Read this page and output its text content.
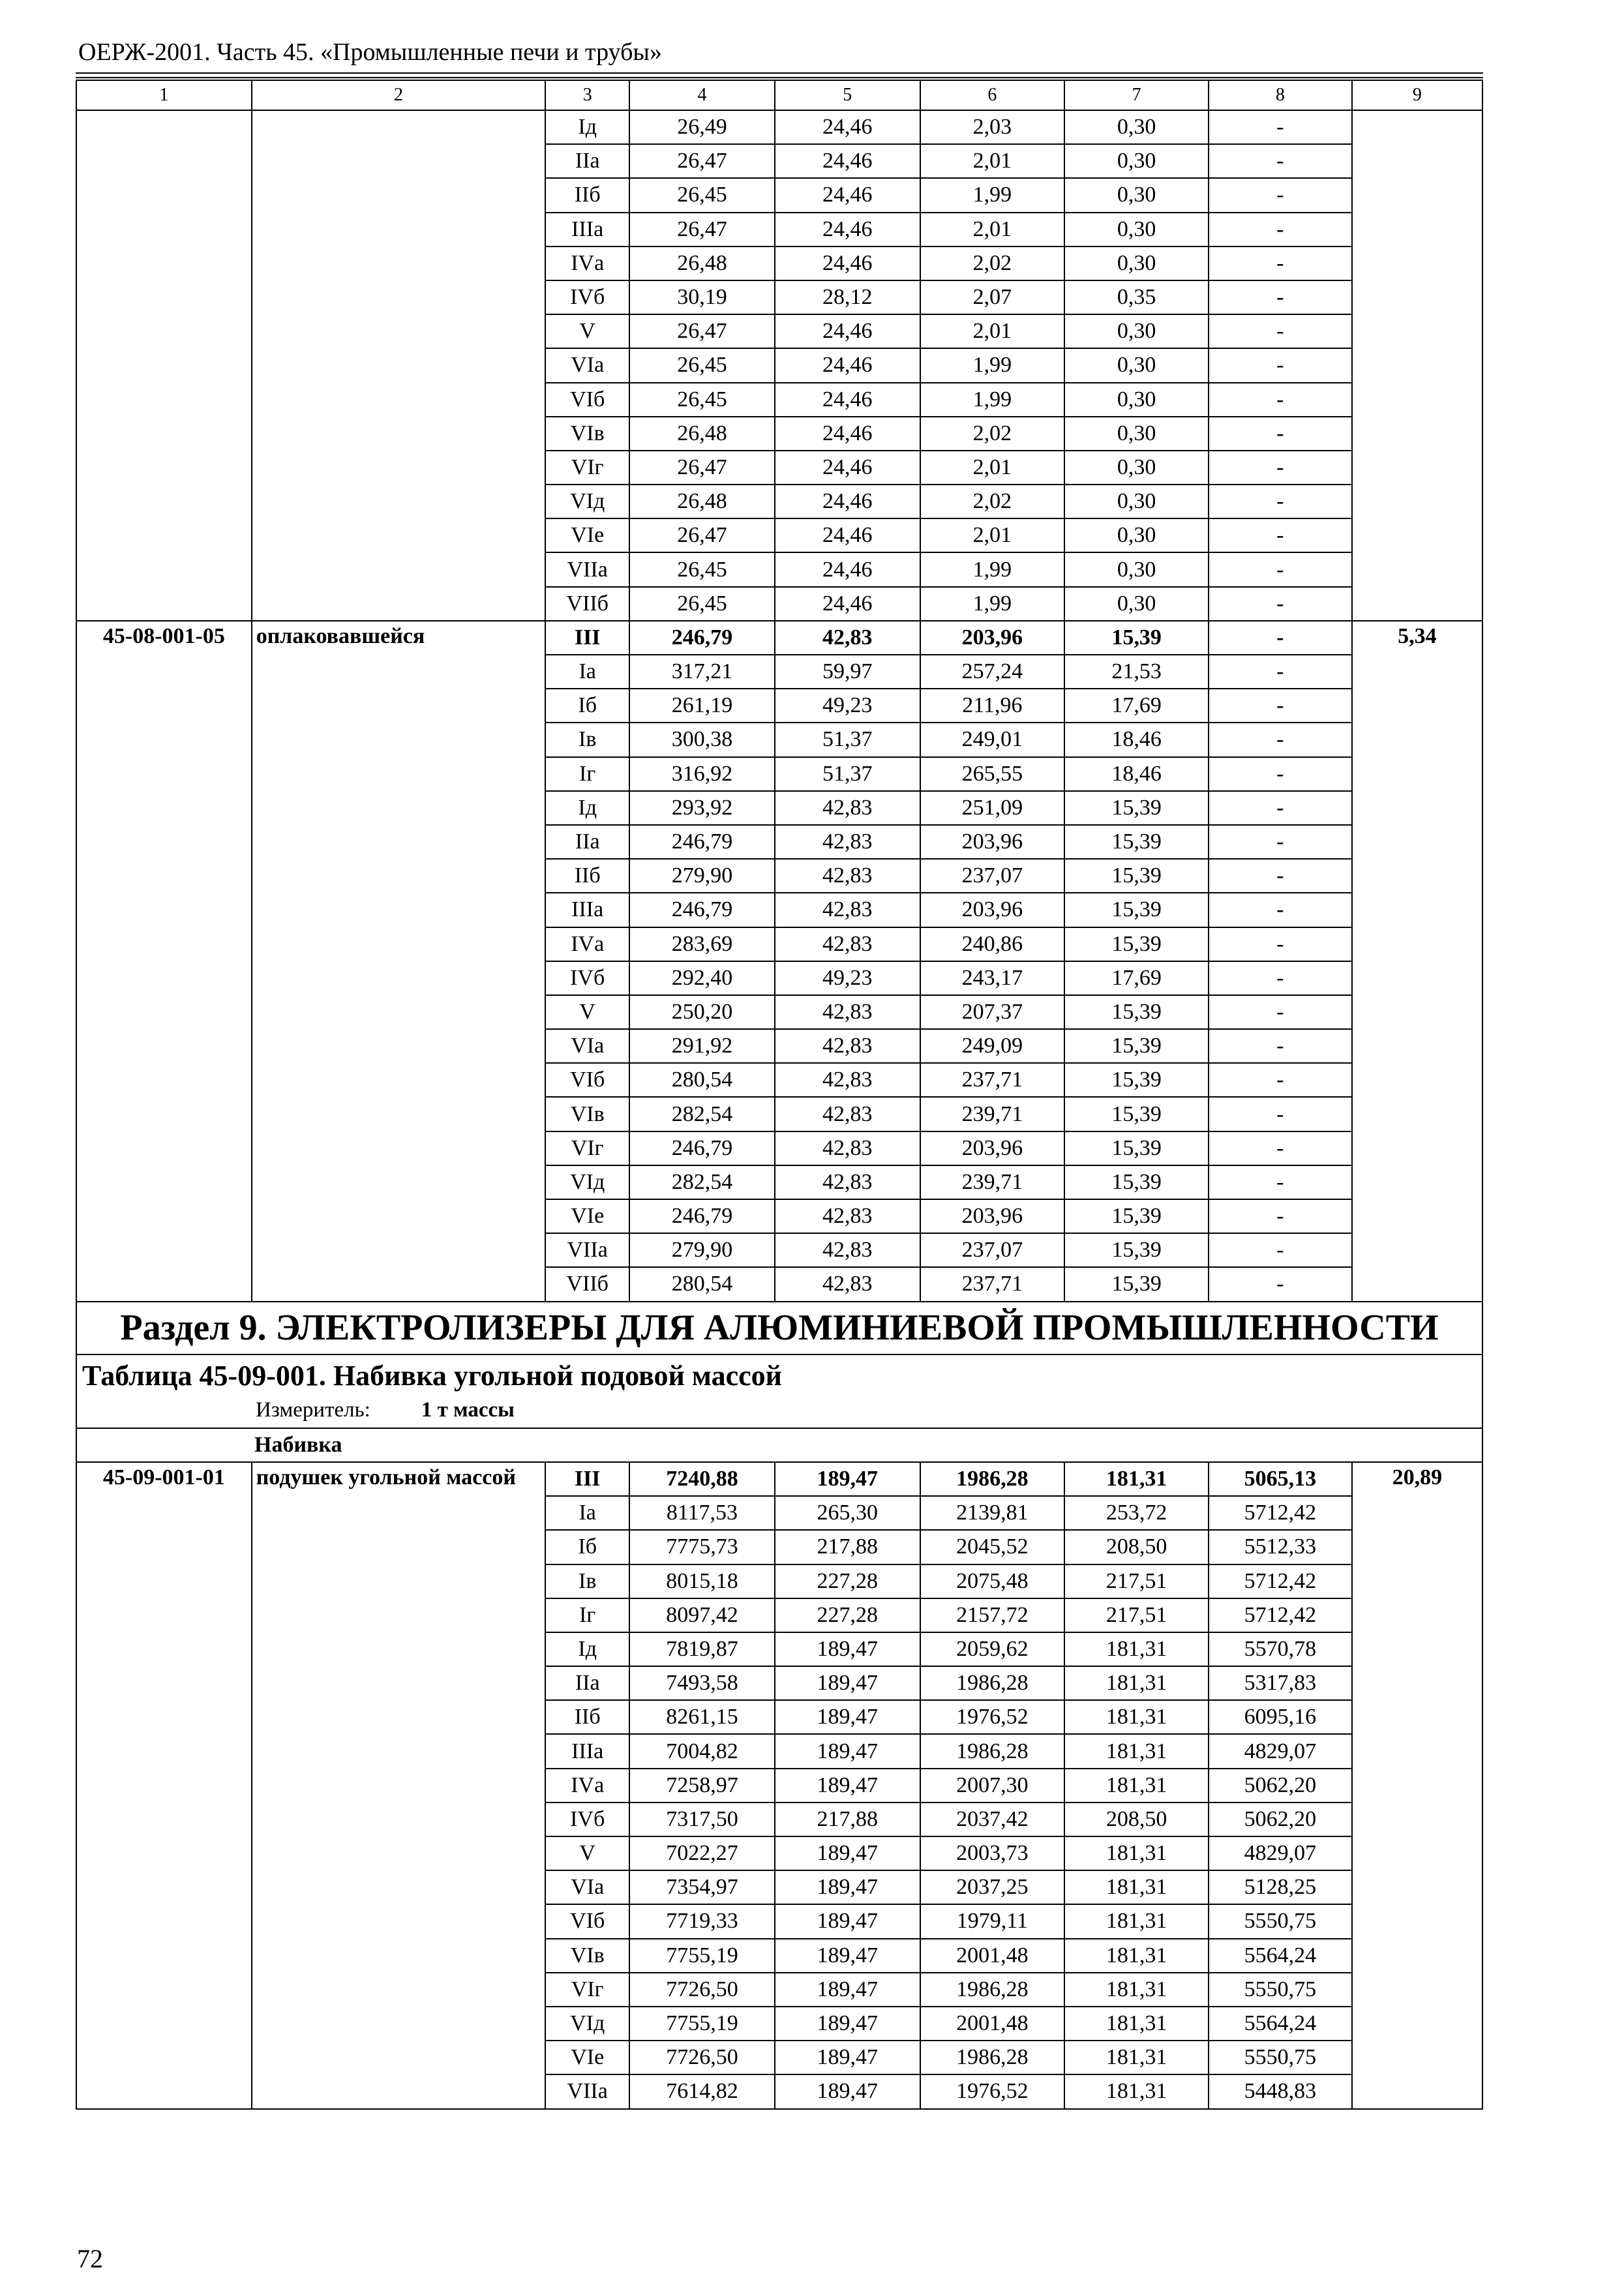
ОЕРЖ-2001. Часть 45. «Промышленные печи и трубы»
1	2	3	4	5	6	7	8	9
		Iд	26,49	24,46	2,03	0,30	-	
		IIа	26,47	24,46	2,01	0,30	-	
		IIб	26,45	24,46	1,99	0,30	-	
		IIIа	26,47	24,46	2,01	0,30	-	
		IVа	26,48	24,46	2,02	0,30	-	
		IVб	30,19	28,12	2,07	0,35	-	
		V	26,47	24,46	2,01	0,30	-	
		VIа	26,45	24,46	1,99	0,30	-	
		VIб	26,45	24,46	1,99	0,30	-	
		VIв	26,48	24,46	2,02	0,30	-	
		VIг	26,47	24,46	2,01	0,30	-	
		VIд	26,48	24,46	2,02	0,30	-	
		VIе	26,47	24,46	2,01	0,30	-	
		VIIа	26,45	24,46	1,99	0,30	-	
		VIIб	26,45	24,46	1,99	0,30	-	
45-08-001-05	оплаковавшейся	III	246,79	42,83	203,96	15,39	-	5,34
		Iа	317,21	59,97	257,24	21,53	-	
		Iб	261,19	49,23	211,96	17,69	-	
		Iв	300,38	51,37	249,01	18,46	-	
		Iг	316,92	51,37	265,55	18,46	-	
		Iд	293,92	42,83	251,09	15,39	-	
		IIа	246,79	42,83	203,96	15,39	-	
		IIб	279,90	42,83	237,07	15,39	-	
		IIIа	246,79	42,83	203,96	15,39	-	
		IVа	283,69	42,83	240,86	15,39	-	
		IVб	292,40	49,23	243,17	17,69	-	
		V	250,20	42,83	207,37	15,39	-	
		VIа	291,92	42,83	249,09	15,39	-	
		VIб	280,54	42,83	237,71	15,39	-	
		VIв	282,54	42,83	239,71	15,39	-	
		VIг	246,79	42,83	203,96	15,39	-	
		VIд	282,54	42,83	239,71	15,39	-	
		VIе	246,79	42,83	203,96	15,39	-	
		VIIа	279,90	42,83	237,07	15,39	-	
		VIIб	280,54	42,83	237,71	15,39	-	
Раздел 9. ЭЛЕКТРОЛИЗЕРЫ ДЛЯ АЛЮМИНИЕВОЙ ПРОМЫШЛЕННОСТИ								

Таблица 45-09-001. Набивка угольной подовой массой
Измеритель: 1 т массы								

Набивка								
45-09-001-01	подушек угольной массой	III	7240,88	189,47	1986,28	181,31	5065,13	20,89
		Iа	8117,53	265,30	2139,81	253,72	5712,42	
		Iб	7775,73	217,88	2045,52	208,50	5512,33	
		Iв	8015,18	227,28	2075,48	217,51	5712,42	
		Iг	8097,42	227,28	2157,72	217,51	5712,42	
		Iд	7819,87	189,47	2059,62	181,31	5570,78	
		IIа	7493,58	189,47	1986,28	181,31	5317,83	
		IIб	8261,15	189,47	1976,52	181,31	6095,16	
		IIIа	7004,82	189,47	1986,28	181,31	4829,07	
		IVа	7258,97	189,47	2007,30	181,31	5062,20	
		IVб	7317,50	217,88	2037,42	208,50	5062,20	
		V	7022,27	189,47	2003,73	181,31	4829,07	
		VIа	7354,97	189,47	2037,25	181,31	5128,25	
		VIб	7719,33	189,47	1979,11	181,31	5550,75	
		VIв	7755,19	189,47	2001,48	181,31	5564,24	
		VIг	7726,50	189,47	1986,28	181,31	5550,75	
		VIд	7755,19	189,47	2001,48	181,31	5564,24	
		VIе	7726,50	189,47	1986,28	181,31	5550,75	
		VIIа	7614,82	189,47	1976,52	181,31	5448,83	
72
